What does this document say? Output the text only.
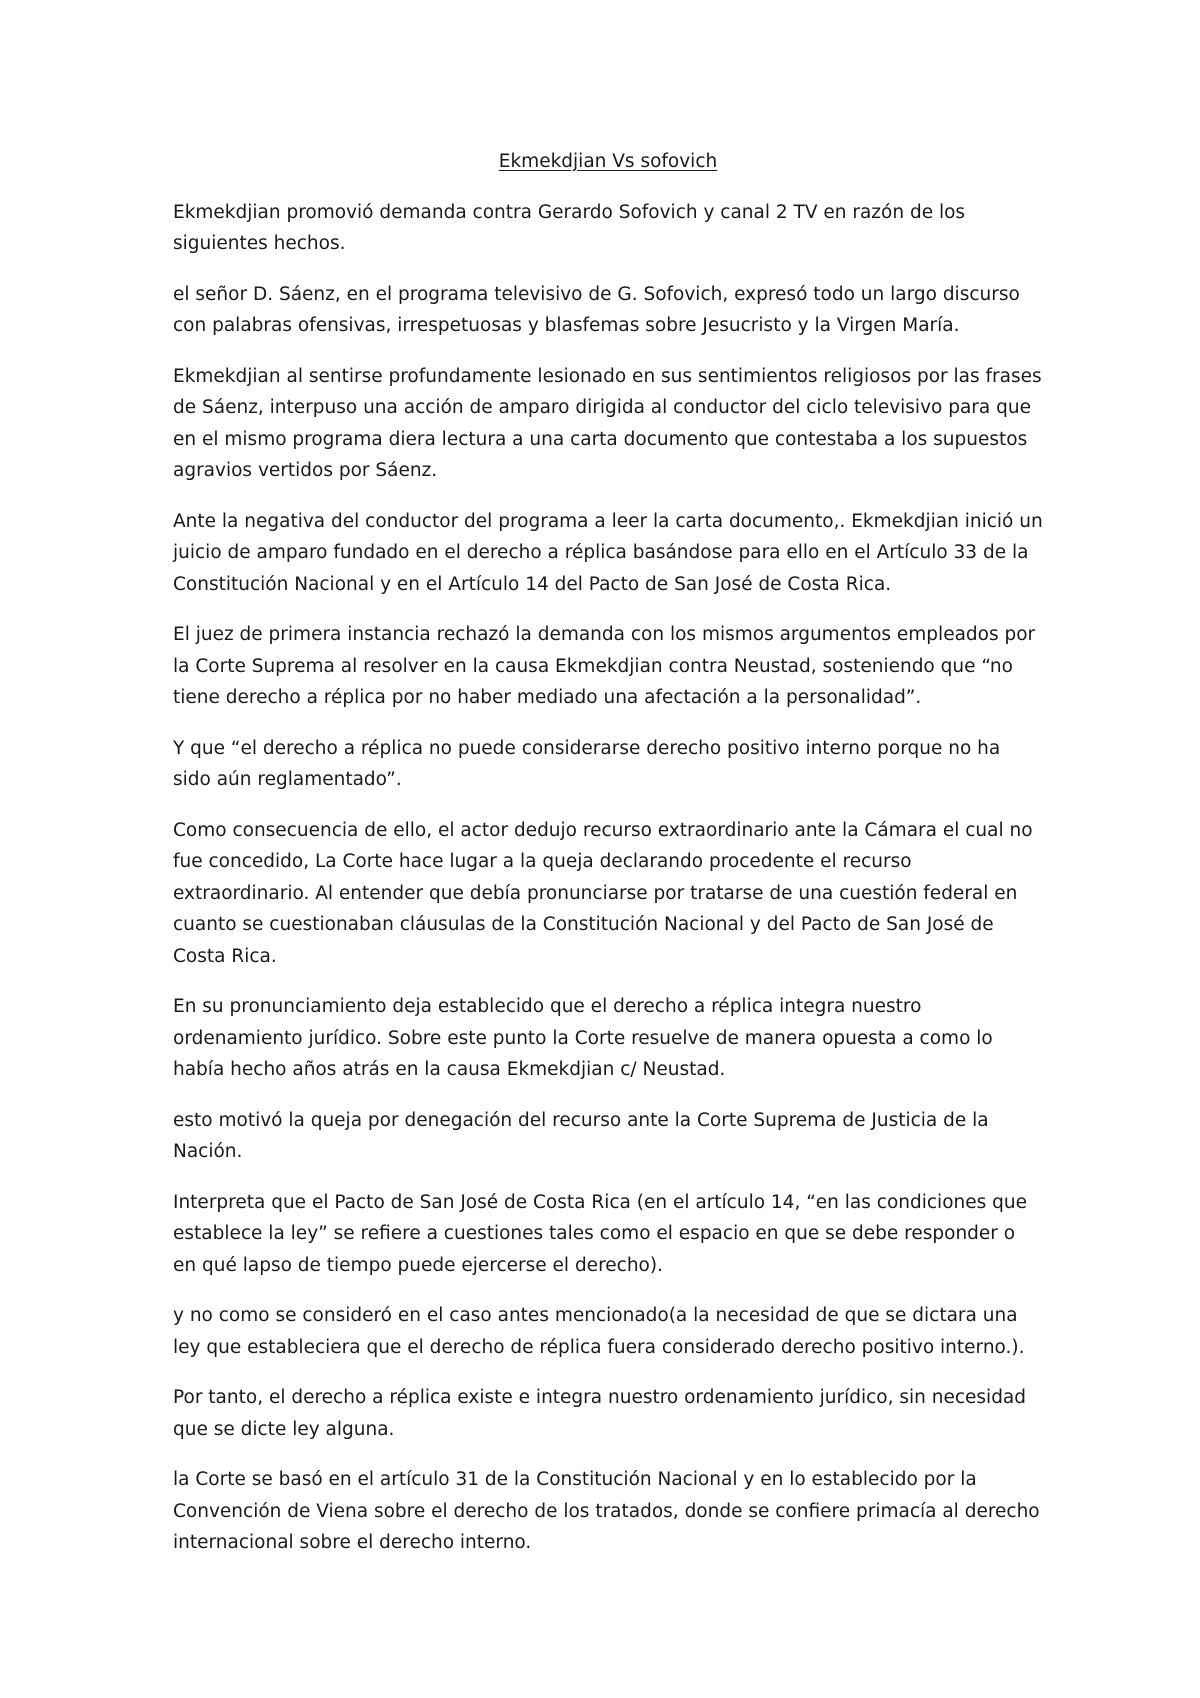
Ekmekdjian Vs sofovich

Ekmekdjian promovió demanda contra Gerardo Sofovich y canal 2 TV en razón de los siguientes hechos.

el señor D. Sáenz, en el programa televisivo de G. Sofovich, expresó todo un largo discurso con palabras ofensivas, irrespetuosas y blasfemas sobre Jesucristo y la Virgen María.

Ekmekdjian al sentirse profundamente lesionado en sus sentimientos religiosos por las frases de Sáenz, interpuso una acción de amparo dirigida al conductor del ciclo televisivo para que en el mismo programa diera lectura a una carta documento que contestaba a los supuestos agravios vertidos por Sáenz.

Ante la negativa del conductor del programa a leer la carta documento,. Ekmekdjian inició un juicio de amparo fundado en el derecho a réplica basándose para ello en el Artículo 33 de la Constitución Nacional y en el Artículo 14 del Pacto de San José de Costa Rica.

El juez de primera instancia rechazó la demanda con los mismos argumentos empleados por la Corte Suprema al resolver en la causa Ekmekdjian contra Neustad, sosteniendo que “no tiene derecho a réplica por no haber mediado una afectación a la personalidad”.

Y que “el derecho a réplica no puede considerarse derecho positivo interno porque no ha sido aún reglamentado”.

Como consecuencia de ello, el actor dedujo recurso extraordinario ante la Cámara el cual no fue concedido, La Corte hace lugar a la queja declarando procedente el recurso extraordinario. Al entender que debía pronunciarse por tratarse de una cuestión federal en cuanto se cuestionaban cláusulas de la Constitución Nacional y del Pacto de San José de Costa Rica.

En su pronunciamiento deja establecido que el derecho a réplica integra nuestro ordenamiento jurídico. Sobre este punto la Corte resuelve de manera opuesta a como lo había hecho años atrás en la causa Ekmekdjian c/ Neustad.

esto motivó la queja por denegación del recurso ante la Corte Suprema de Justicia de la Nación.

Interpreta que el Pacto de San José de Costa Rica (en el artículo 14, “en las condiciones que establece la ley” se refiere a cuestiones tales como el espacio en que se debe responder o en qué lapso de tiempo puede ejercerse el derecho).

y no como se consideró en el caso antes mencionado(a la necesidad de que se dictara una ley que estableciera que el derecho de réplica fuera considerado derecho positivo interno.).

Por tanto, el derecho a réplica existe e integra nuestro ordenamiento jurídico, sin necesidad que se dicte ley alguna.

la Corte se basó en el artículo 31 de la Constitución Nacional y en lo establecido por la Convención de Viena sobre el derecho de los tratados, donde se confiere primacía al derecho internacional sobre el derecho interno.
